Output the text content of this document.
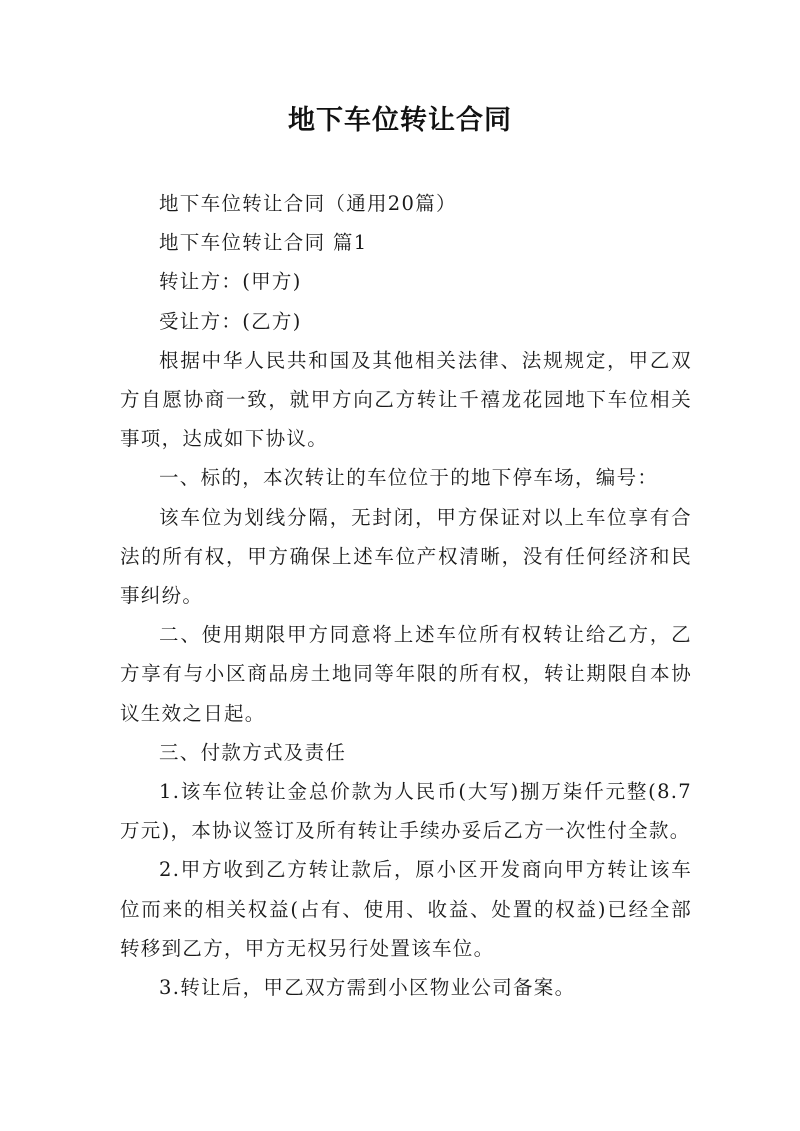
地下车位转让合同

地下车位转让合同（通用20篇）

地下车位转让合同 篇1

转让方：(甲方)

受让方：(乙方)

根据中华人民共和国及其他相关法律、法规规定，甲乙双方自愿协商一致，就甲方向乙方转让千禧龙花园地下车位相关事项，达成如下协议。

一、标的，本次转让的车位位于的地下停车场，编号：

该车位为划线分隔，无封闭，甲方保证对以上车位享有合法的所有权，甲方确保上述车位产权清晰，没有任何经济和民事纠纷。

二、使用期限甲方同意将上述车位所有权转让给乙方，乙方享有与小区商品房土地同等年限的所有权，转让期限自本协议生效之日起。

三、付款方式及责任

1.该车位转让金总价款为人民币(大写)捌万柒仟元整(8.7万元)，本协议签订及所有转让手续办妥后乙方一次性付全款。

2.甲方收到乙方转让款后，原小区开发商向甲方转让该车位而来的相关权益(占有、使用、收益、处置的权益)已经全部转移到乙方，甲方无权另行处置该车位。

3.转让后，甲乙双方需到小区物业公司备案。
